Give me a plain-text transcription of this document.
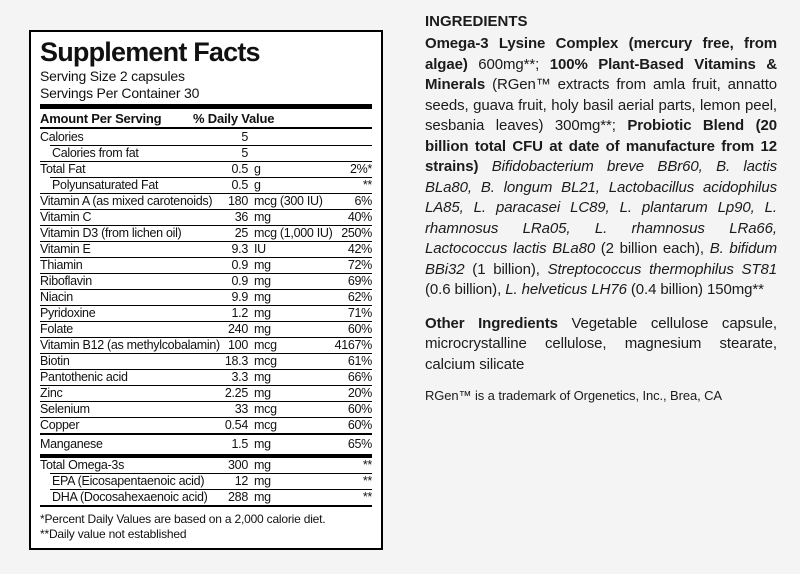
Supplement Facts
Serving Size 2 capsules
Servings Per Container 30
Amount Per Serving % Daily Value
Calories	5
Calories from fat	5
Total Fat	0.5 g	2%*
Polyunsaturated Fat	0.5 g	**
Vitamin A (as mixed carotenoids)	180 mcg (300 IU)	6%
Vitamin C	36 mg	40%
Vitamin D3 (from lichen oil)	25 mcg (1,000 IU) 250%
Vitamin E	9.3 IU	42%
Thiamin	0.9 mg	72%
Riboflavin	0.9 mg	69%
Niacin	9.9 mg	62%
Pyridoxine	1.2 mg	71%
Folate	240 mg	60%
Vitamin B12 (as methylcobalamin) 100 mcg	4167%
Biotin	18.3 mcg	61%
Pantothenic acid	3.3 mg	66%
Zinc	2.25 mg	20%
Selenium	33 mcg	60%
Copper	0.54 mcg	60%
Manganese	1.5 mg	65%
Total Omega-3s	300 mg	**
EPA (Eicosapentaenoic acid)	12 mg	**
DHA (Docosahexaenoic acid)	288 mg	**
*Percent Daily Values are based on a 2,000 calorie diet.
**Daily value not established
INGREDIENTS
Omega-3 Lysine Complex (mercury free, from algae) 600mg**; 100% Plant-Based Vitamins & Minerals (RGen™ extracts from amla fruit, annatto seeds, guava fruit, holy basil aerial parts, lemon peel, sesbania leaves) 300mg**; Probiotic Blend (20 billion total CFU at date of manufacture from 12 strains) Bifidobacterium breve BBr60, B. lactis BLa80, B. longum BL21, Lactobacillus acidophilus LA85, L. paracasei LC89, L. plantarum Lp90, L. rhamnosus LRa05, L. rhamnosus LRa66, Lactococcus lactis BLa80 (2 billion each), B. bifidum BBi32 (1 billion), Streptococcus thermophilus ST81 (0.6 billion), L. helveticus LH76 (0.4 billion) 150mg**
Other Ingredients Vegetable cellulose capsule, microcrystalline cellulose, magnesium stearate, calcium silicate
RGen™ is a trademark of Orgenetics, Inc., Brea, CA
